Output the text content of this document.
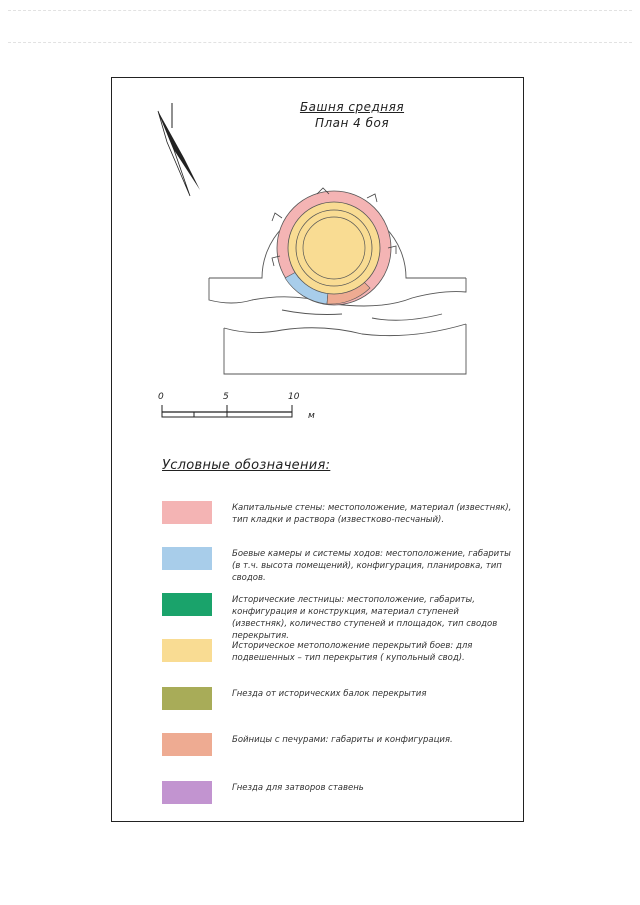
Башня средняя
План 4 боя
0	5	10
м
Условные обозначения:
Капитальные стены: местоположение, материал (известняк), тип кладки и раствора (известково-песчаный).
Боевые камеры и системы ходов: местоположение, габариты (в т.ч. высота помещений), конфигурация, планировка, тип сводов.
Исторические лестницы: местоположение, габариты, конфигурация и конструкция, материал ступеней (известняк), количество ступеней и площадок, тип сводов перекрытия.
Историческое метоположение перекрытий боев: для подвешенных – тип перекрытия ( купольный свод).
Гнезда от исторических балок перекрытия
Бойницы с печурами: габариты и конфигурация.
Гнезда для затворов ставень
